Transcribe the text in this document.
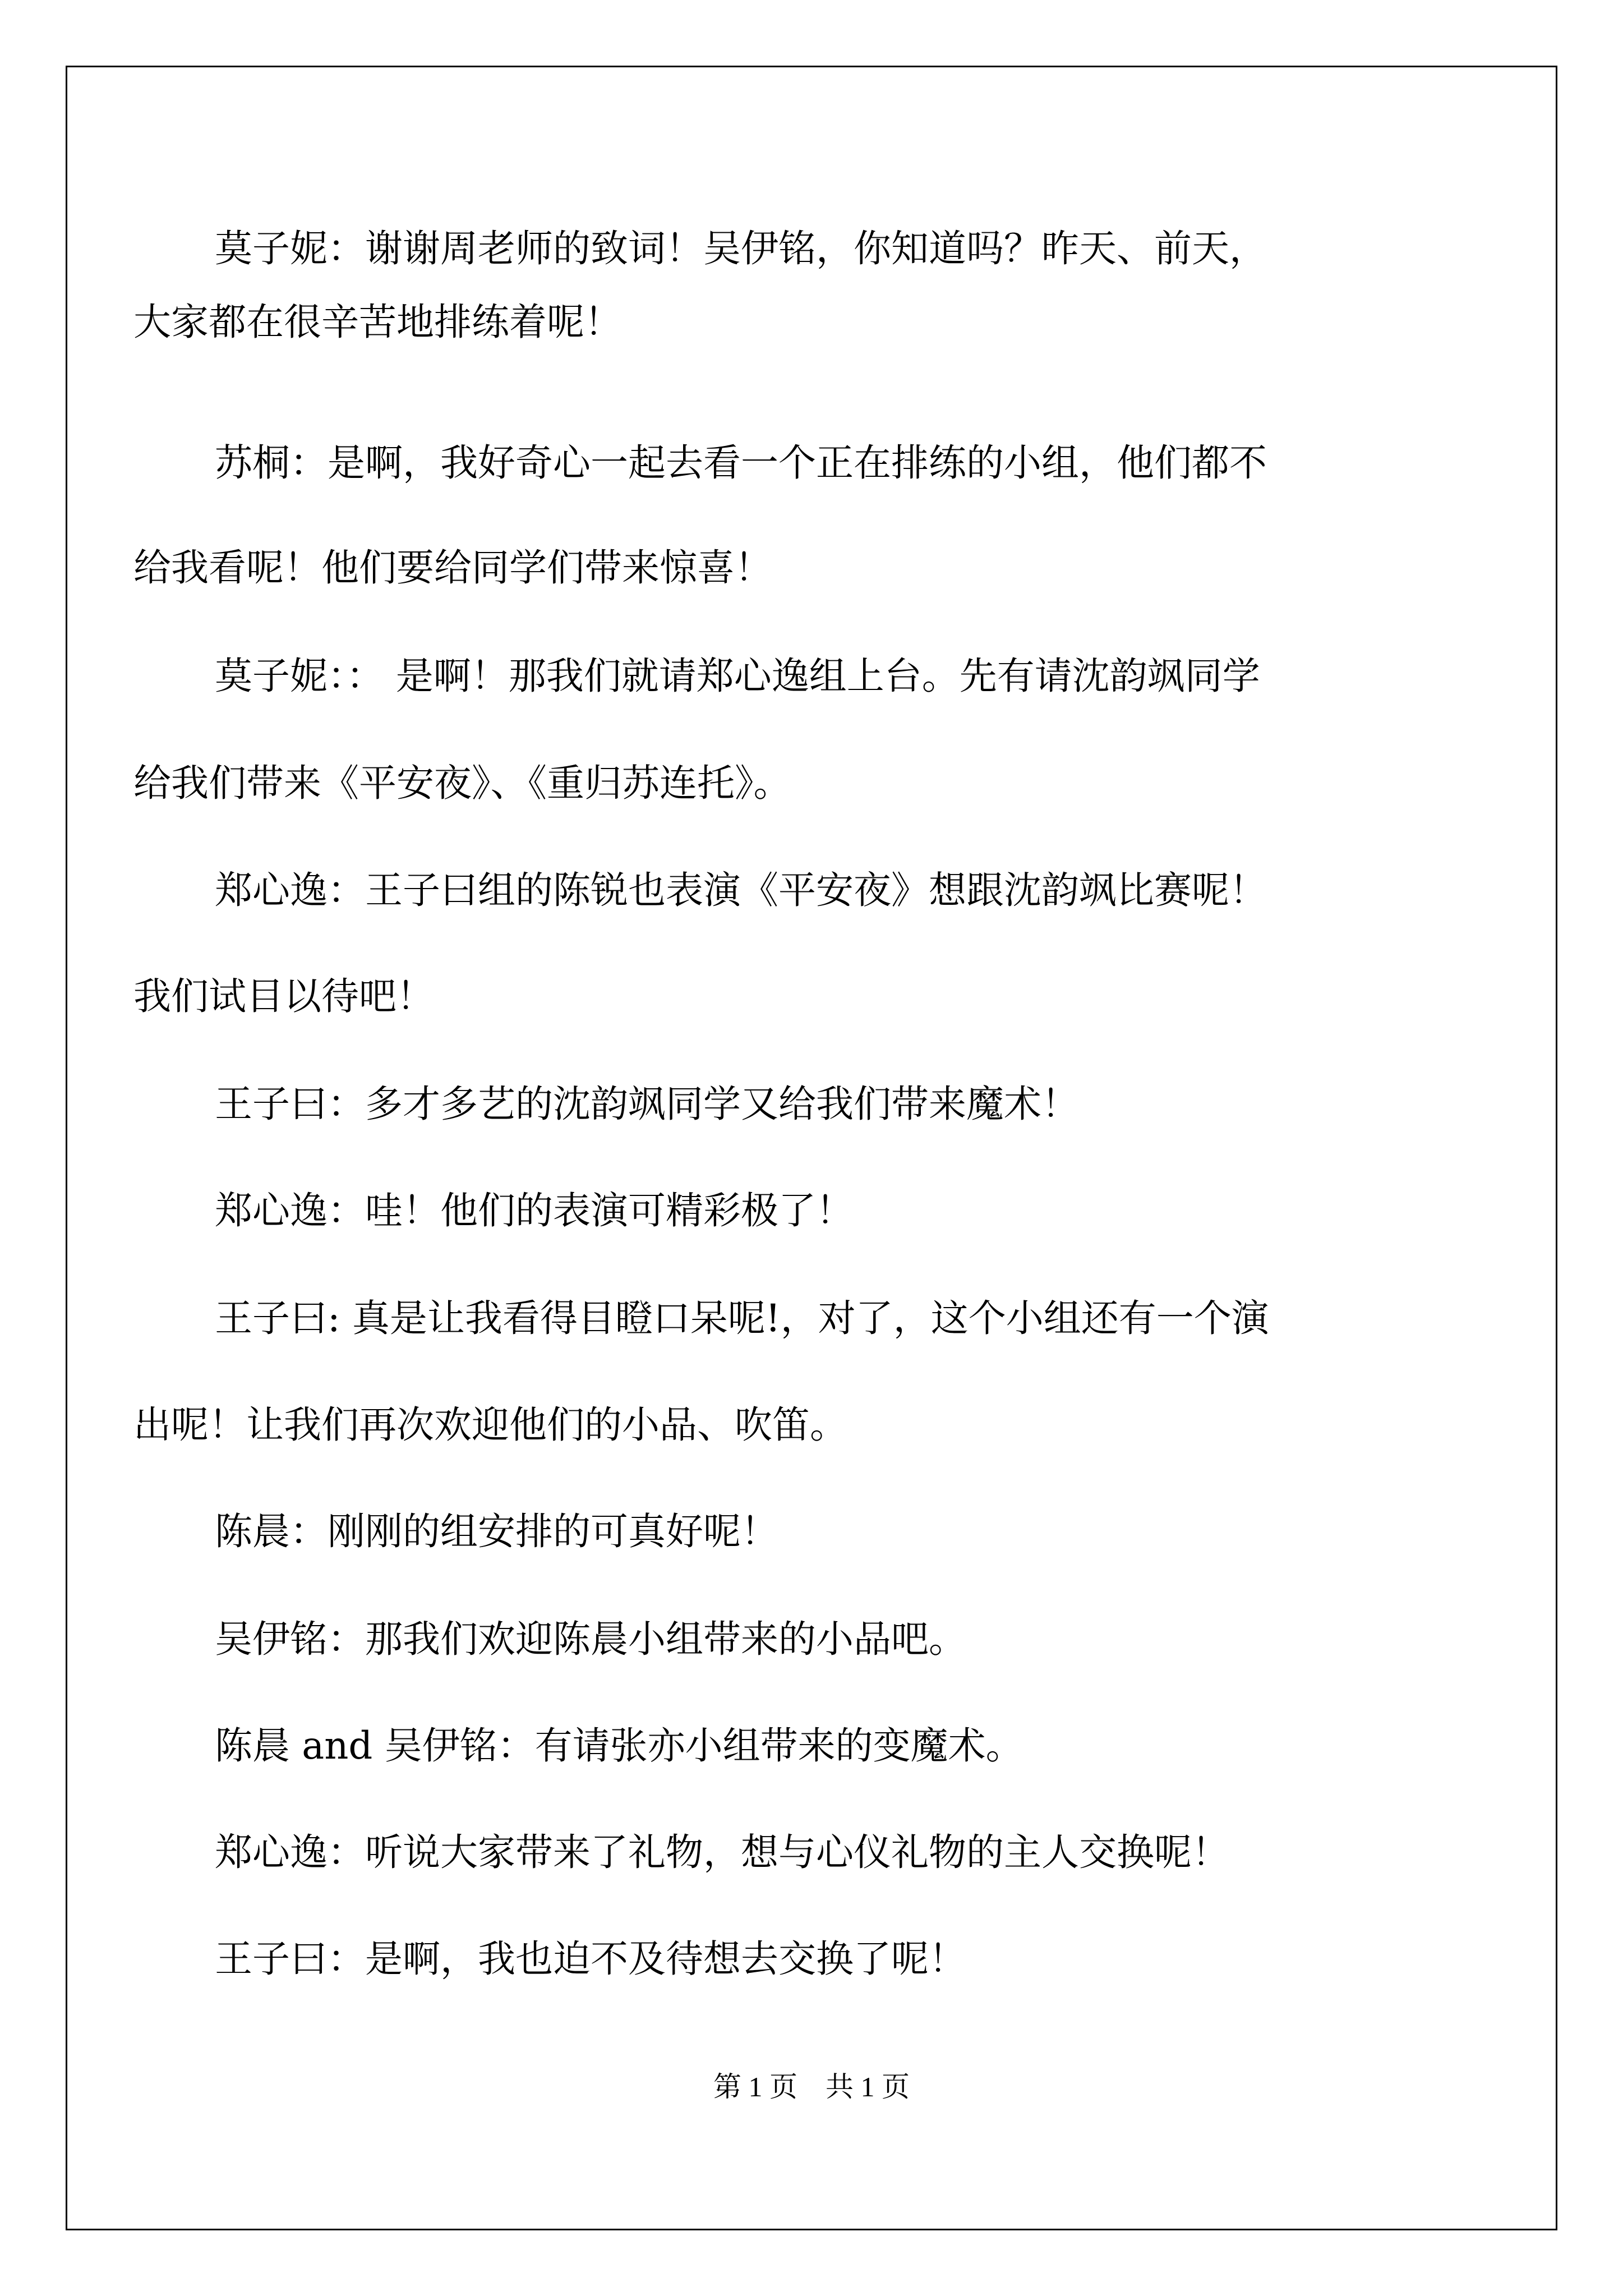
莫子妮：谢谢周老师的致词！吴伊铭，你知道吗？昨天、前天，
大家都在很辛苦地排练着呢！
苏桐：是啊，我好奇心一起去看一个正在排练的小组，他们都不
给我看呢！他们要给同学们带来惊喜！
莫子妮：： 是啊！那我们就请郑心逸组上台。先有请沈韵飒同学
给我们带来《平安夜》、《重归苏连托》。
郑心逸：王子曰组的陈锐也表演《平安夜》想跟沈韵飒比赛呢！
我们试目以待吧！
王子曰：多才多艺的沈韵飒同学又给我们带来魔术！
郑心逸：哇！他们的表演可精彩极了！
王子曰: 真是让我看得目瞪口呆呢!，对了，这个小组还有一个演
出呢！让我们再次欢迎他们的小品、吹笛。
陈晨：刚刚的组安排的可真好呢！
吴伊铭：那我们欢迎陈晨小组带来的小品吧。
陈晨 and 吴伊铭：有请张亦小组带来的变魔术。
郑心逸：听说大家带来了礼物，想与心仪礼物的主人交换呢！
王子曰：是啊，我也迫不及待想去交换了呢！
第 1 页    共 1 页
